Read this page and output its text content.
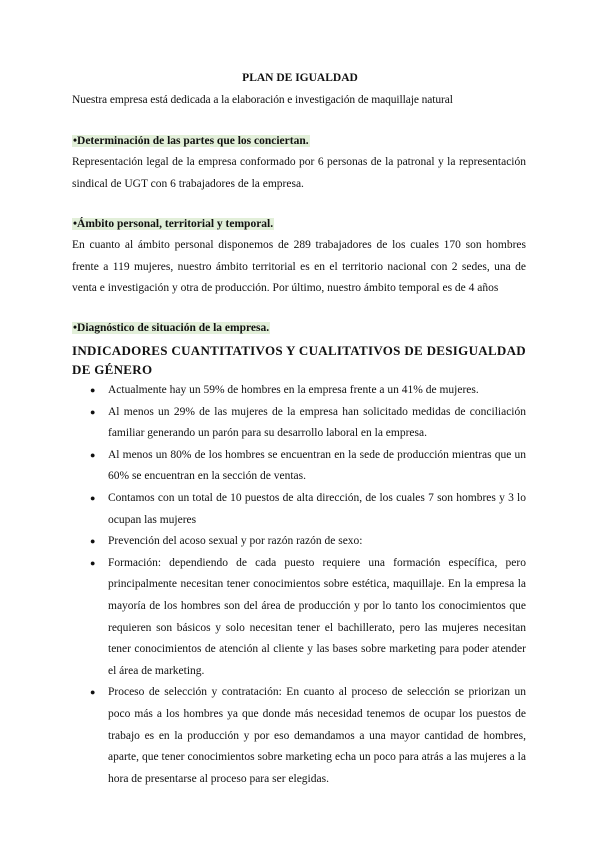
PLAN DE IGUALDAD
Nuestra empresa está dedicada a la elaboración e investigación de maquillaje natural
•Determinación de las partes que los conciertan.
Representación legal de la empresa conformado por 6 personas de la patronal y la representación sindical de UGT con 6 trabajadores de la empresa.
•Ámbito personal, territorial y temporal.
En cuanto al ámbito personal disponemos de 289 trabajadores de los cuales 170 son hombres frente a 119 mujeres, nuestro ámbito territorial es en el territorio nacional con 2 sedes, una de venta e investigación y otra de producción. Por último, nuestro ámbito temporal es de 4 años
•Diagnóstico de situación de la empresa.
INDICADORES CUANTITATIVOS Y CUALITATIVOS DE DESIGUALDAD DE GÉNERO
● Actualmente hay un 59% de hombres en la empresa frente a un 41% de mujeres.
● Al menos un 29% de las mujeres de la empresa han solicitado medidas de conciliación familiar generando un parón para su desarrollo laboral en la empresa.
● Al menos un 80% de los hombres se encuentran en la sede de producción mientras que un 60% se encuentran en la sección de ventas.
● Contamos con un total de 10 puestos de alta dirección, de los cuales 7 son hombres y 3 lo ocupan las mujeres
● Prevención del acoso sexual y por razón razón de sexo:
● Formación: dependiendo de cada puesto requiere una formación específica, pero principalmente necesitan tener conocimientos sobre estética, maquillaje. En la empresa la mayoría de los hombres son del área de producción y por lo tanto los conocimientos que requieren son básicos y solo necesitan tener el bachillerato, pero las mujeres necesitan tener conocimientos de atención al cliente y las bases sobre marketing para poder atender el área de marketing.
● Proceso de selección y contratación: En cuanto al proceso de selección se priorizan un poco más a los hombres ya que donde más necesidad tenemos de ocupar los puestos de trabajo es en la producción y por eso demandamos a una mayor cantidad de hombres, aparte, que tener conocimientos sobre marketing echa un poco para atrás a las mujeres a la hora de presentarse al proceso para ser elegidas.
